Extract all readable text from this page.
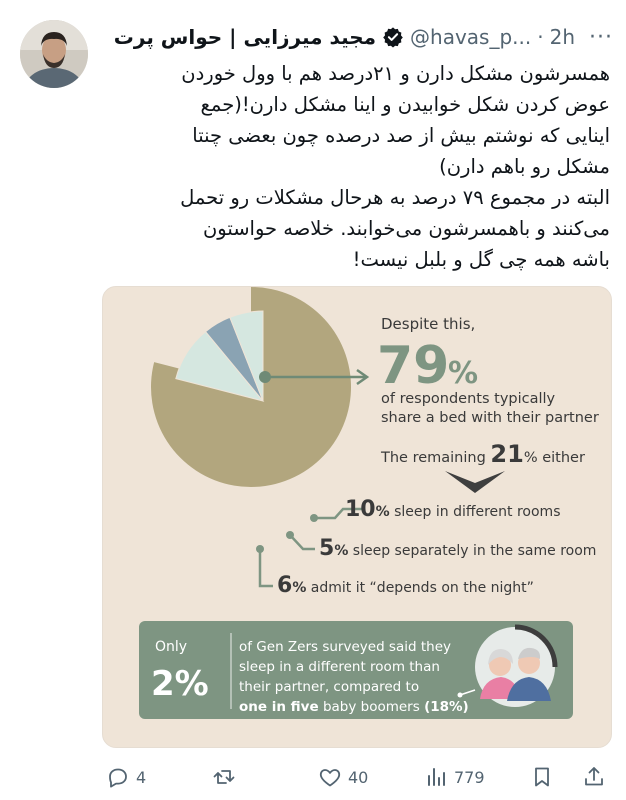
مجید میرزایی | حواس پرت @havas_p... · 2h ···
همسرشون مشکل دارن و ۲۱درصد هم با وول خوردن
عوض کردن شکل خوابیدن و اینا مشکل دارن!(جمع
اینایی که نوشتم بیش از صد درصده چون بعضی چنتا
مشکل رو باهم دارن)
البته در مجموع ۷۹ درصد به هرحال مشکلات رو تحمل
می‌کنند و باهمسرشون می‌خوابند. خلاصه حواستون
باشه همه چی گل و بلبل نیست!
Despite this,
79
%
of respondents typically
share a bed with their partner
The remaining 21% either
10% sleep in different rooms
5% sleep separately in the same room
6% admit it “depends on the night”
Only
2%
of Gen Zers surveyed said they
sleep in a different room than
their partner, compared to
one in five baby boomers (18%)
4	40	779
